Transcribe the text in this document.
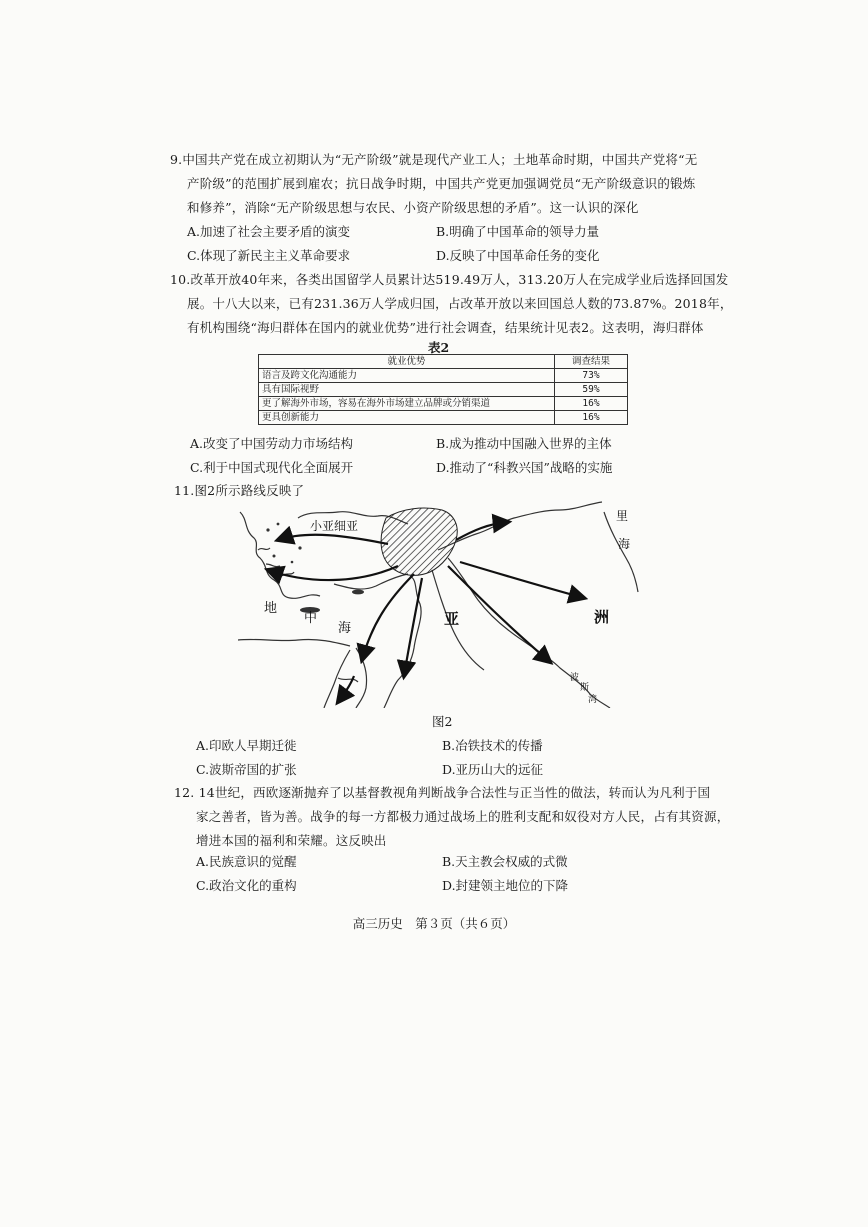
9.中国共产党在成立初期认为“无产阶级”就是现代产业工人；土地革命时期，中国共产党将“无
产阶级”的范围扩展到雇农；抗日战争时期，中国共产党更加强调党员“无产阶级意识的锻炼
和修养”，消除“无产阶级思想与农民、小资产阶级思想的矛盾”。这一认识的深化
A.加速了社会主要矛盾的演变	B.明确了中国革命的领导力量
C.体现了新民主主义革命要求	D.反映了中国革命任务的变化
10.改革开放40年来，各类出国留学人员累计达519.49万人，313.20万人在完成学业后选择回国发
展。十八大以来，已有231.36万人学成归国，占改革开放以来回国总人数的73.87%。2018年，
有机构围绕“海归群体在国内的就业优势”进行社会调查，结果统计见表2。这表明，海归群体
表2
就业优势	调查结果
语言及跨文化沟通能力	73%
具有国际视野	59%
更了解海外市场，容易在海外市场建立品牌或分销渠道	16%
更具创新能力	16%
A.改变了中国劳动力市场结构	B.成为推动中国融入世界的主体
C.利于中国式现代化全面展开	D.推动了“科教兴国”战略的实施
11.图2所示路线反映了
小亚细亚
里
海
地
中
海
亚	洲
波
斯
湾
图2
A.印欧人早期迁徙	B.冶铁技术的传播
C.波斯帝国的扩张	D.亚历山大的远征
12. 14世纪，西欧逐渐抛弃了以基督教视角判断战争合法性与正当性的做法，转而认为凡利于国
家之善者，皆为善。战争的每一方都极力通过战场上的胜利支配和奴役对方人民，占有其资源，
增进本国的福利和荣耀。这反映出
A.民族意识的觉醒	B.天主教会权威的式微
C.政治文化的重构	D.封建领主地位的下降
高三历史　第３页（共６页）
